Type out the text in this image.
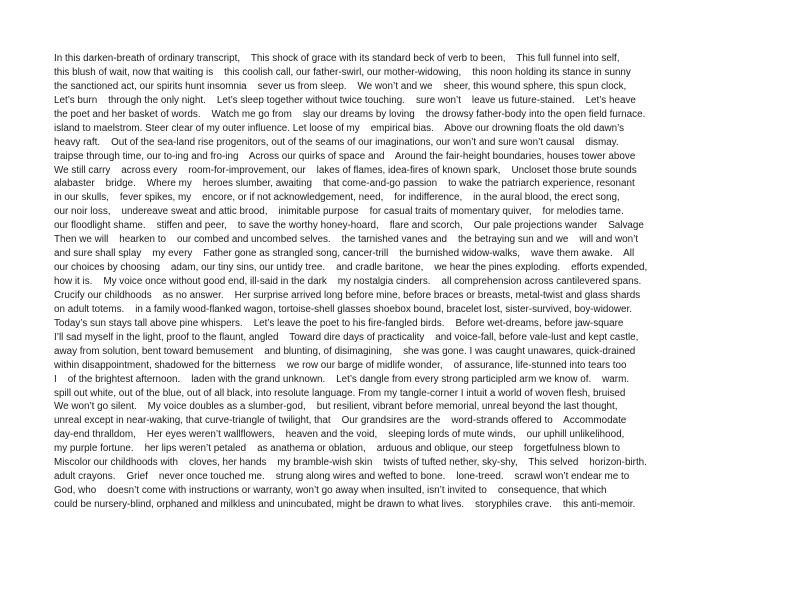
In this darken-breath of ordinary transcript,    This shock of grace with its standard beck of verb to been,    This full funnel into self,
this blush of wait, now that waiting is    this coolish call, our father-swirl, our mother-widowing,    this noon holding its stance in sunny
the sanctioned act, our spirits hunt insomnia    sever us from sleep.    We won’t and we    sheer, this wound sphere, this spun clock,
Let’s burn    through the only night.    Let’s sleep together without twice touching.    sure won’t    leave us future-stained.    Let’s heave
the poet and her basket of words.    Watch me go from    slay our dreams by loving    the drowsy father-body into the open field furnace.
island to maelstrom. Steer clear of my outer influence. Let loose of my    empirical bias.    Above our drowning floats the old dawn’s
heavy raft.    Out of the sea-land rise progenitors, out of the seams of our imaginations, our won’t and sure won’t causal    dismay.
traipse through time, our to-ing and fro-ing    Across our quirks of space and    Around the fair-height boundaries, houses tower above
We still carry    across every    room-for-improvement, our    lakes of flames, idea-fires of known spark,    Uncloset those brute sounds
alabaster    bridge.    Where my    heroes slumber, awaiting    that come-and-go passion    to wake the patriarch experience, resonant
in our skulls,    fever spikes, my    encore, or if not acknowledgement, need,    for indifference,    in the aural blood, the erect song,
our noir loss,    undereave sweat and attic brood,    inimitable purpose    for casual traits of momentary quiver,    for melodies tame.
our floodlight shame.    stiffen and peer,    to save the worthy honey-hoard,    flare and scorch,    Our pale projections wander    Salvage
Then we will    hearken to    our combed and uncombed selves.    the tarnished vanes and    the betraying sun and we    will and won’t
and sure shall splay    my every    Father gone as strangled song, cancer-trill    the burnished widow-walks,    wave them awake.    All
our choices by choosing    adam, our tiny sins, our untidy tree.    and cradle baritone,    we hear the pines exploding.    efforts expended,
how it is.    My voice once without good end, ill-said in the dark    my nostalgia cinders.    all comprehension across cantilevered spans.
Crucify our childhoods    as no answer.    Her surprise arrived long before mine, before braces or breasts, metal-twist and glass shards
on adult totems.    in a family wood-flanked wagon, tortoise-shell glasses shoebox bound, bracelet lost, sister-survived, boy-widower.
Today’s sun stays tall above pine whispers.    Let’s leave the poet to his fire-fangled birds.    Before wet-dreams, before jaw-square
I’ll sad myself in the light, proof to the flaunt, angled    Toward dire days of practicality    and voice-fall, before vale-lust and kept castle,
away from solution, bent toward bemusement    and blunting, of disimagining,    she was gone. I was caught unawares, quick-drained
within disappointment, shadowed for the bitterness    we row our barge of midlife wonder,    of assurance, life-stunned into tears too
I    of the brightest afternoon.    laden with the grand unknown.    Let’s dangle from every strong participled arm we know of.    warm.
spill out white, out of the blue, out of all black, into resolute language. From my tangle-corner I intuit a world of woven flesh, bruised
We won’t go silent.    My voice doubles as a slumber-god,    but resilient, vibrant before memorial, unreal beyond the last thought,
unreal except in near-waking, that curve-triangle of twilight, that    Our grandsires are the    word-strands offered to    Accommodate
day-end thralldom,    Her eyes weren’t wallflowers,    heaven and the void,    sleeping lords of mute winds,    our uphill unlikelihood,
my purple fortune.    her lips weren’t petaled    as anathema or oblation,    arduous and oblique, our steep    forgetfulness blown to
Miscolor our childhoods with    cloves, her hands    my bramble-wish skin    twists of tufted nether, sky-shy,    This selved    horizon-birth.
adult crayons.    Grief    never once touched me.    strung along wires and wefted to bone.    lone-treed.    scrawl won’t endear me to
God, who    doesn’t come with instructions or warranty, won’t go away when insulted, isn’t invited to    consequence, that which
could be nursery-blind, orphaned and milkless and unincubated, might be drawn to what lives.    storyphiles crave.    this anti-memoir.
